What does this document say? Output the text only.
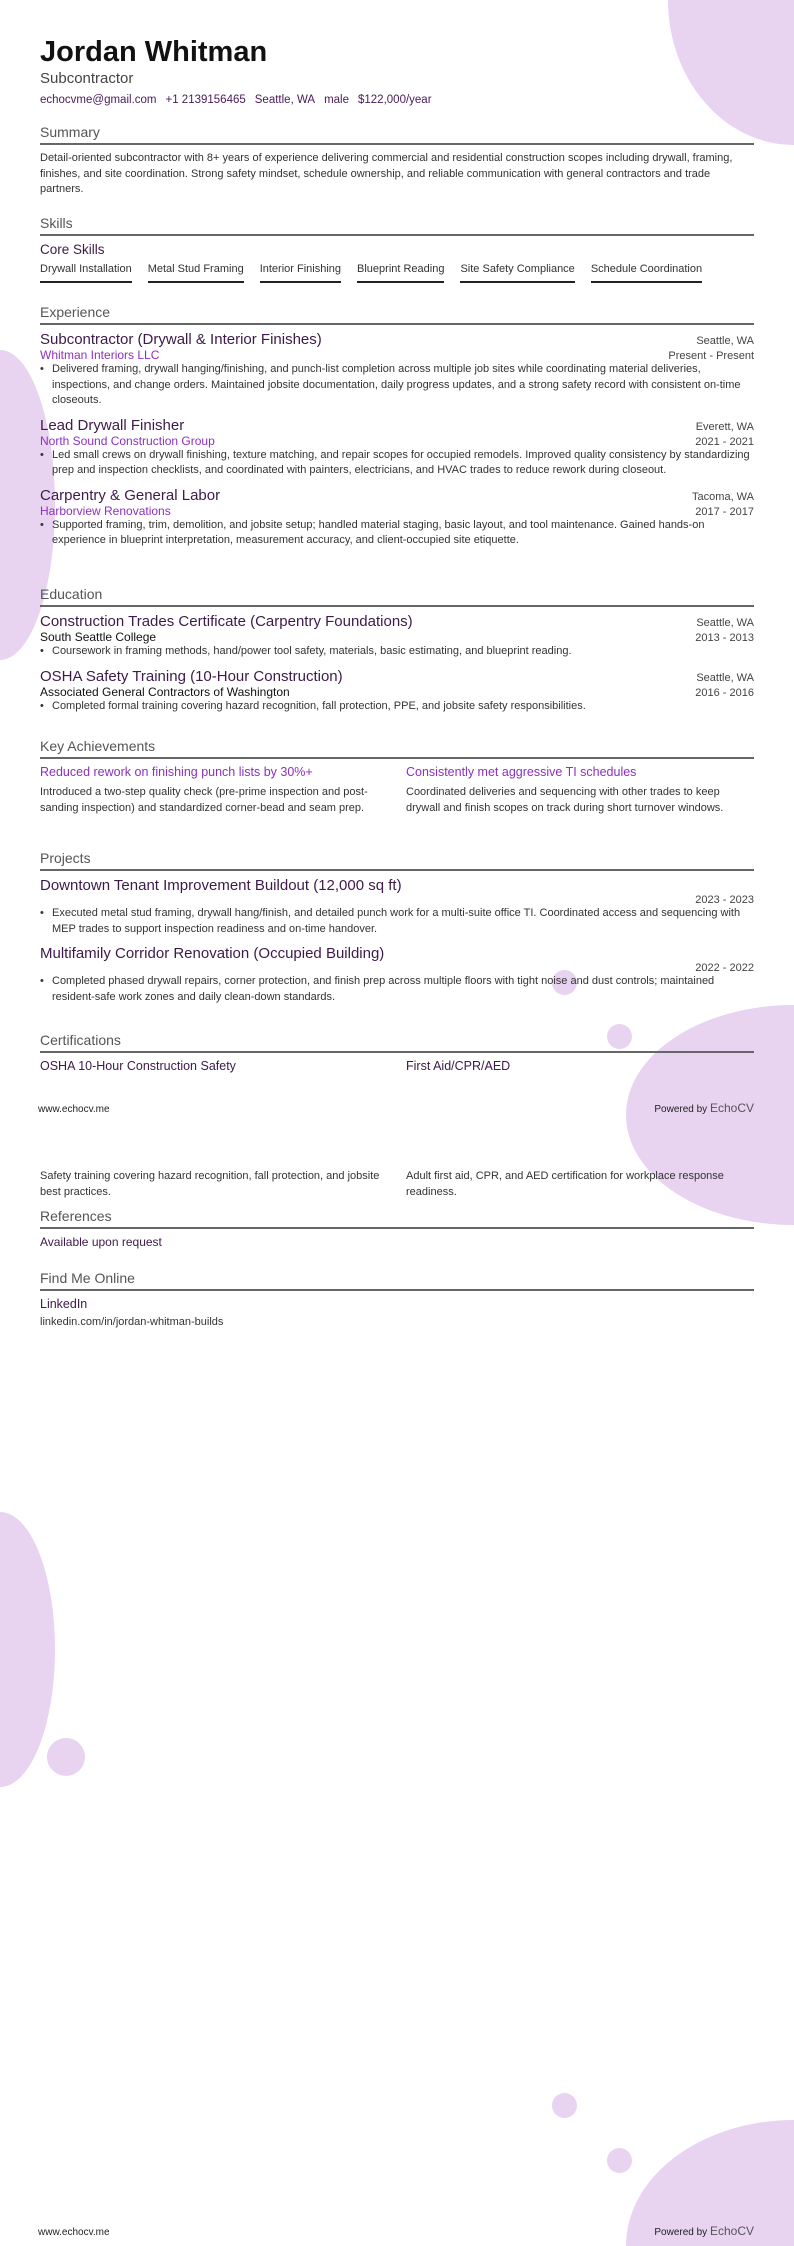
Jordan Whitman
Subcontractor
echocvme@gmail.com +1 2139156465 Seattle, WA male $122,000/year
Summary
Detail-oriented subcontractor with 8+ years of experience delivering commercial and residential construction scopes including drywall, framing, finishes, and site coordination. Strong safety mindset, schedule ownership, and reliable communication with general contractors and trade partners.
Skills
Core Skills
Drywall Installation Metal Stud Framing Interior Finishing Blueprint Reading Site Safety Compliance Schedule Coordination
Experience
Subcontractor (Drywall & Interior Finishes)	Seattle, WA
Whitman Interiors LLC	Present - Present
• Delivered framing, drywall hanging/finishing, and punch-list completion across multiple job sites while coordinating material deliveries, inspections, and change orders. Maintained jobsite documentation, daily progress updates, and a strong safety record with consistent on-time closeouts.
Lead Drywall Finisher	Everett, WA
North Sound Construction Group	2021 - 2021
• Led small crews on drywall finishing, texture matching, and repair scopes for occupied remodels. Improved quality consistency by standardizing prep and inspection checklists, and coordinated with painters, electricians, and HVAC trades to reduce rework during closeout.
Carpentry & General Labor	Tacoma, WA
Harborview Renovations	2017 - 2017
• Supported framing, trim, demolition, and jobsite setup; handled material staging, basic layout, and tool maintenance. Gained hands-on experience in blueprint interpretation, measurement accuracy, and client-occupied site etiquette.
Education
Construction Trades Certificate (Carpentry Foundations)	Seattle, WA
South Seattle College	2013 - 2013
• Coursework in framing methods, hand/power tool safety, materials, basic estimating, and blueprint reading.
OSHA Safety Training (10-Hour Construction)	Seattle, WA
Associated General Contractors of Washington	2016 - 2016
• Completed formal training covering hazard recognition, fall protection, PPE, and jobsite safety responsibilities.
Key Achievements
Reduced rework on finishing punch lists by 30%+
Introduced a two-step quality check (pre-prime inspection and post-sanding inspection) and standardized corner-bead and seam prep.
Consistently met aggressive TI schedules
Coordinated deliveries and sequencing with other trades to keep drywall and finish scopes on track during short turnover windows.
Projects
Downtown Tenant Improvement Buildout (12,000 sq ft)
2023 - 2023
• Executed metal stud framing, drywall hang/finish, and detailed punch work for a multi-suite office TI. Coordinated access and sequencing with MEP trades to support inspection readiness and on-time handover.
Multifamily Corridor Renovation (Occupied Building)
2022 - 2022
• Completed phased drywall repairs, corner protection, and finish prep across multiple floors with tight noise and dust controls; maintained resident-safe work zones and daily clean-down standards.
Certifications
OSHA 10-Hour Construction Safety	First Aid/CPR/AED
Safety training covering hazard recognition, fall protection, and jobsite best practices.
Adult first aid, CPR, and AED certification for workplace response readiness.
www.echocv.me	Powered by EchoCV
References
Available upon request
Find Me Online
LinkedIn
linkedin.com/in/jordan-whitman-builds
www.echocv.me	Powered by EchoCV
